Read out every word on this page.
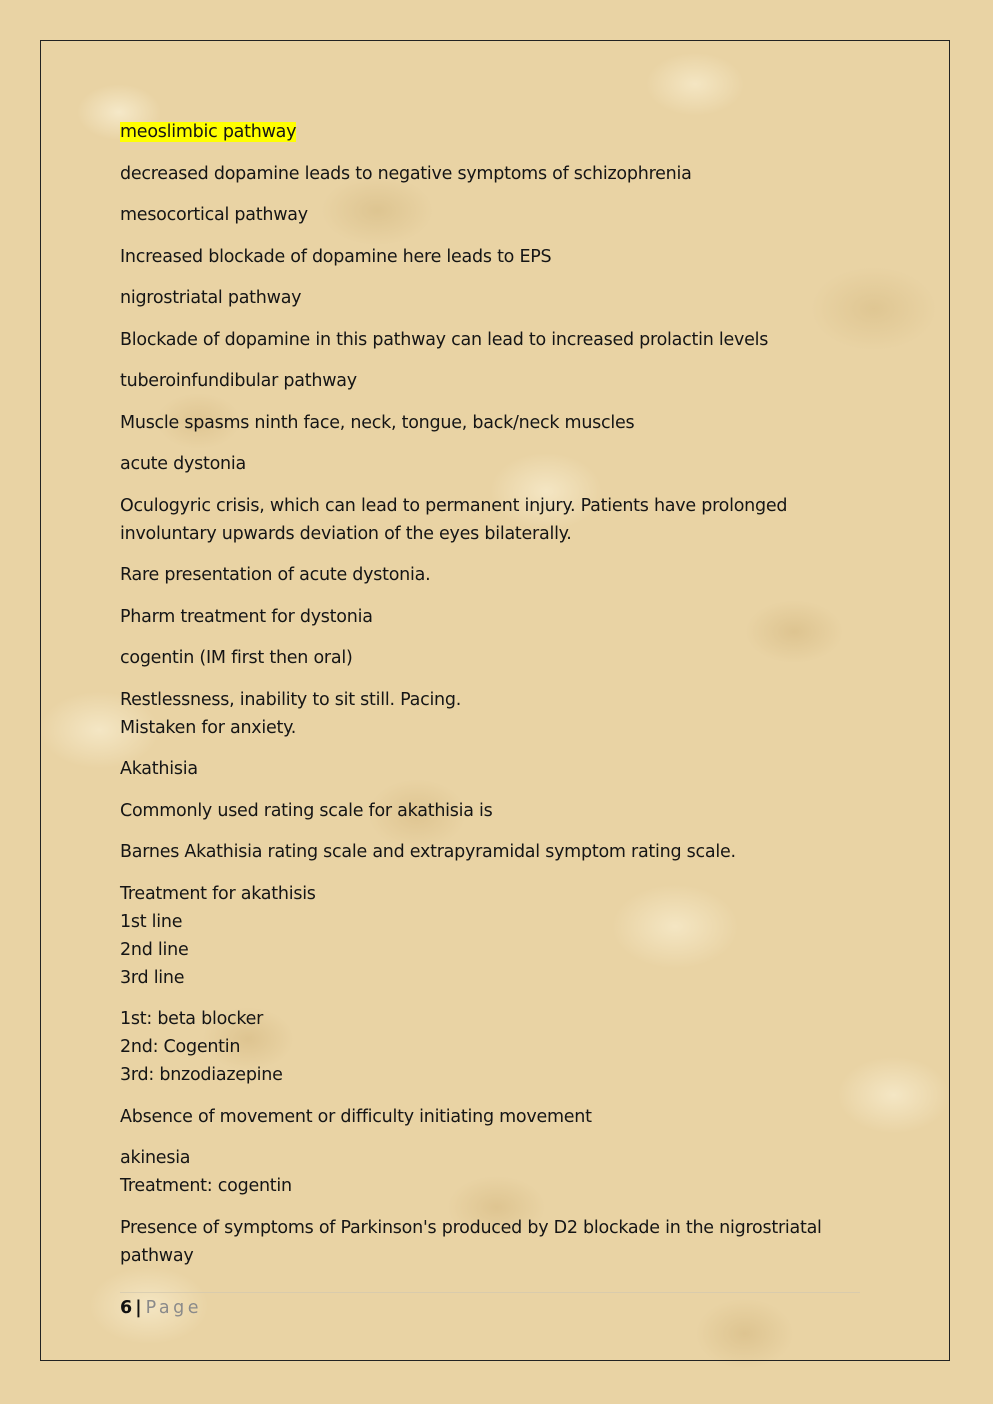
meoslimbic pathway

decreased dopamine leads to negative symptoms of schizophrenia

mesocortical pathway

Increased blockade of dopamine here leads to EPS

nigrostriatal pathway

Blockade of dopamine in this pathway can lead to increased prolactin levels

tuberoinfundibular pathway

Muscle spasms ninth face, neck, tongue, back/neck muscles

acute dystonia

Oculogyric crisis, which can lead to permanent injury. Patients have prolonged
involuntary upwards deviation of the eyes bilaterally.

Rare presentation of acute dystonia.

Pharm treatment for dystonia

cogentin (IM first then oral)

Restlessness, inability to sit still. Pacing.
Mistaken for anxiety.

Akathisia

Commonly used rating scale for akathisia is

Barnes Akathisia rating scale and extrapyramidal symptom rating scale.

Treatment for akathisis
1st line
2nd line
3rd line

1st: beta blocker
2nd: Cogentin
3rd: bnzodiazepine

Absence of movement or difficulty initiating movement

akinesia
Treatment: cogentin

Presence of symptoms of Parkinson's produced by D2 blockade in the nigrostriatal
pathway

6 | Page
